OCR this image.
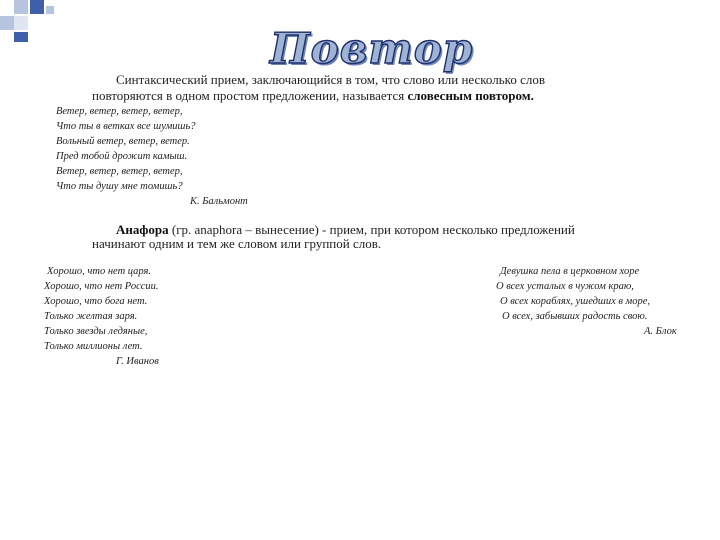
Повтор
Синтаксический прием, заключающийся в том, что слово или несколько слов
повторяются в одном простом предложении, называется словесным повтором.
Ветер, ветер, ветер, ветер,
Что ты в ветках все шумишь?
Вольный ветер, ветер, ветер.
Пред тобой дрожит камыш.
Ветер, ветер, ветер, ветер,
Что ты душу мне томишь?
К. Бальмонт
Анафора (гр. anaphora – вынесение) - прием, при котором несколько предложений
начинают одним и тем же словом или группой слов.
Хорошо, что нет царя.
Хорошо, что нет России.
Хорошо, что бога нет.
Только желтая заря.
Только звезды ледяные,
Только миллионы лет.
Г. Иванов
Девушка пела в церковном хоре
О всех усталых в чужом краю,
О всех кораблях, ушедших в море,
О всех, забывших радость свою.
А. Блок
